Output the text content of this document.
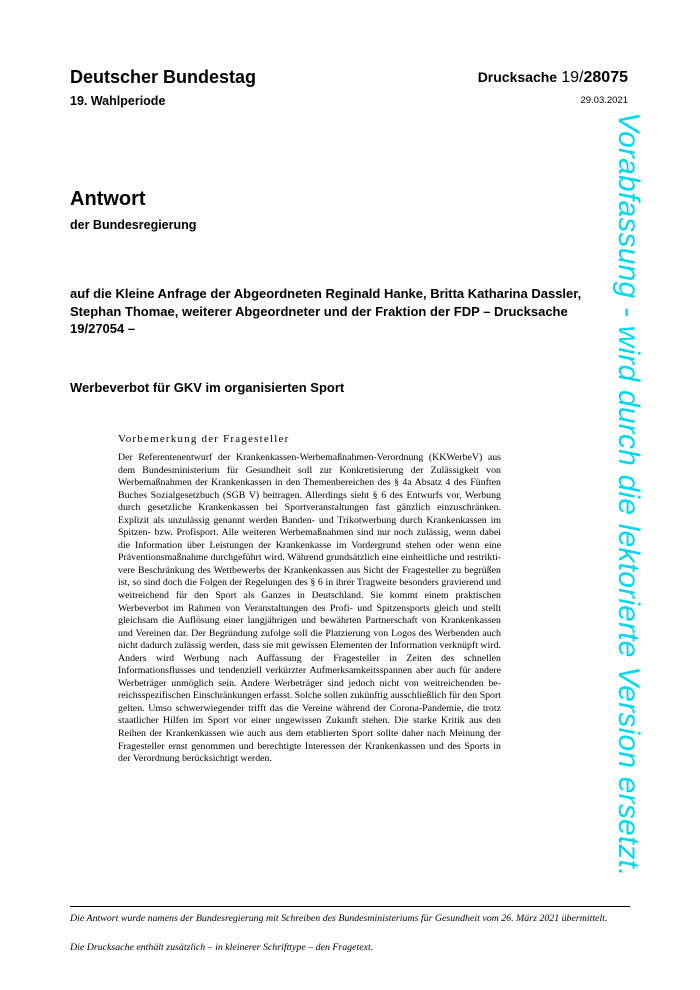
Deutscher Bundestag
19. Wahlperiode
Drucksache 19/28075
29.03.2021
Antwort
der Bundesregierung
auf die Kleine Anfrage der Abgeordneten Reginald Hanke, Britta Katharina Dassler, Stephan Thomae, weiterer Abgeordneter und der Fraktion der FDP – Drucksache 19/27054 –
Werbeverbot für GKV im organisierten Sport
Vorbemerkung der Fragesteller
Der Referentenentwurf der Krankenkassen-Werbemaßnahmen-Verordnung (KKWerbeV) aus dem Bundesministerium für Gesundheit soll zur Konkretisierung der Zulässigkeit von Werbemaßnahmen der Krankenkassen in den Themenbereichen des § 4a Absatz 4 des Fünften Buches Sozialgesetzbuch (SGB V) beitragen. Allerdings sieht § 6 des Entwurfs vor, Werbung durch gesetzliche Krankenkassen bei Sportveranstaltungen fast gänzlich einzuschränken. Explizit als unzulässig genannt werden Banden- und Trikotwerbung durch Krankenkassen im Spitzen- bzw. Profisport. Alle weiteren Werbemaßnahmen sind nur noch zulässig, wenn dabei die Information über Leistungen der Krankenkasse im Vordergrund stehen oder wenn eine Präventionsmaßnahme durchgeführt wird. Während grundsätzlich eine einheitliche und restriktivere Beschränkung des Wettbewerbs der Krankenkassen aus Sicht der Fragesteller zu begrüßen ist, so sind doch die Folgen der Regelungen des § 6 in ihrer Tragweite besonders gravierend und weitreichend für den Sport als Ganzes in Deutschland. Sie kommt einem praktischen Werbeverbot im Rahmen von Veranstaltungen des Profi- und Spitzensports gleich und stellt gleichsam die Auflösung einer langjährigen und bewährten Partnerschaft von Krankenkassen und Vereinen dar. Der Begründung zufolge soll die Platzierung von Logos des Werbenden auch nicht dadurch zulässig werden, dass sie mit gewissen Elementen der Information verknüpft wird. Anders wird Werbung nach Auffassung der Fragesteller in Zeiten des schnellen Informationsflusses und tendenziell verkürzter Aufmerksamkeitsspannen aber auch für andere Werbeträger unmöglich sein. Andere Werbeträger sind jedoch nicht von weitreichenden bereichsspezifischen Einschränkungen erfasst. Solche sollen zukünftig ausschließlich für den Sport gelten. Umso schwerwiegender trifft das die Vereine während der Corona-Pandemie, die trotz staatlicher Hilfen im Sport vor einer ungewissen Zukunft stehen. Die starke Kritik aus den Reihen der Krankenkassen wie auch aus dem etablierten Sport sollte daher nach Meinung der Fragesteller ernst genommen und berechtigte Interessen der Krankenkassen und des Sports in der Verordnung berücksichtigt werden.	Vorabfassung - wird durch die lektorierte Version ersetzt.
Die Antwort wurde namens der Bundesregierung mit Schreiben des Bundesministeriums für Gesundheit vom 26. März 2021 übermittelt.
Die Drucksache enthält zusätzlich – in kleinerer Schrifttype – den Fragetext.
